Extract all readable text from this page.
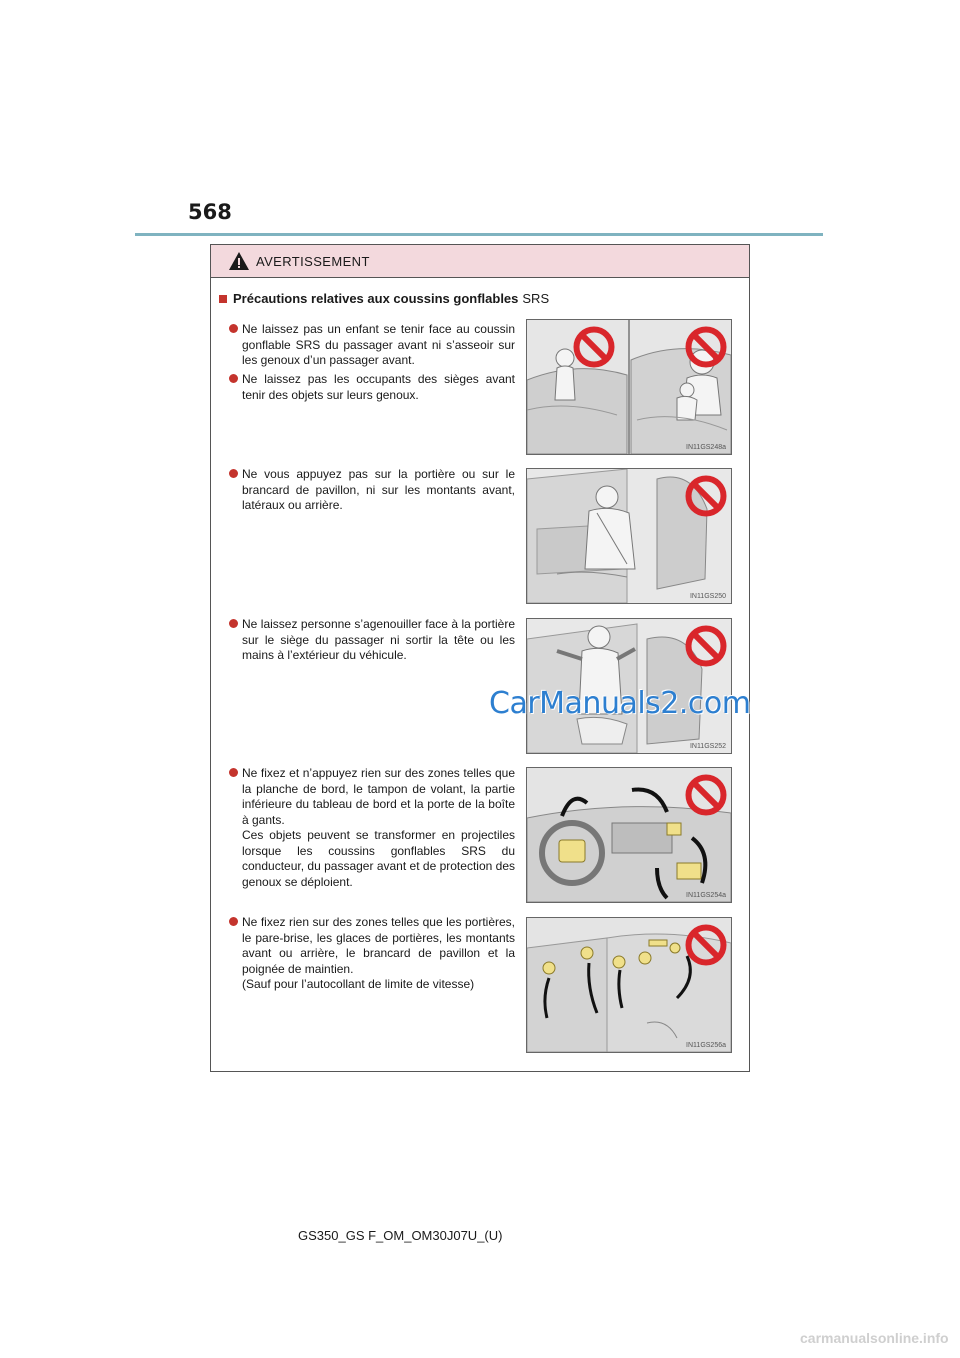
568
AVERTISSEMENT
Précautions relatives aux coussins gonflables SRS
Ne laissez pas un enfant se tenir face au coussin gonflable SRS du passager avant ni s’asseoir sur les genoux d’un passager avant.
Ne laissez pas les occupants des sièges avant tenir des objets sur leurs genoux.
Ne vous appuyez pas sur la portière ou sur le brancard de pavillon, ni sur les montants avant, latéraux ou arrière.
Ne laissez personne s’agenouiller face à la portière sur le siège du passager ni sortir la tête ou les mains à l’extérieur du véhicule.
Ne fixez et n’appuyez rien sur des zones telles que la planche de bord, le tampon de volant, la partie inférieure du tableau de bord et la porte de la boîte à gants.
Ces objets peuvent se transformer en projectiles lorsque les coussins gonflables SRS du conducteur, du passager avant et de protection des genoux se déploient.
Ne fixez rien sur des zones telles que les portières, le pare-brise, les glaces de portières, les montants avant ou arrière, le brancard de pavillon et la poignée de maintien.
(Sauf pour l’autocollant de limite de vitesse)
IN11GS248a
IN11GS250
IN11GS252
IN11GS254a
IN11GS256a
CarManuals2.com
GS350_GS F_OM_OM30J07U_(U)
carmanualsonline.info
